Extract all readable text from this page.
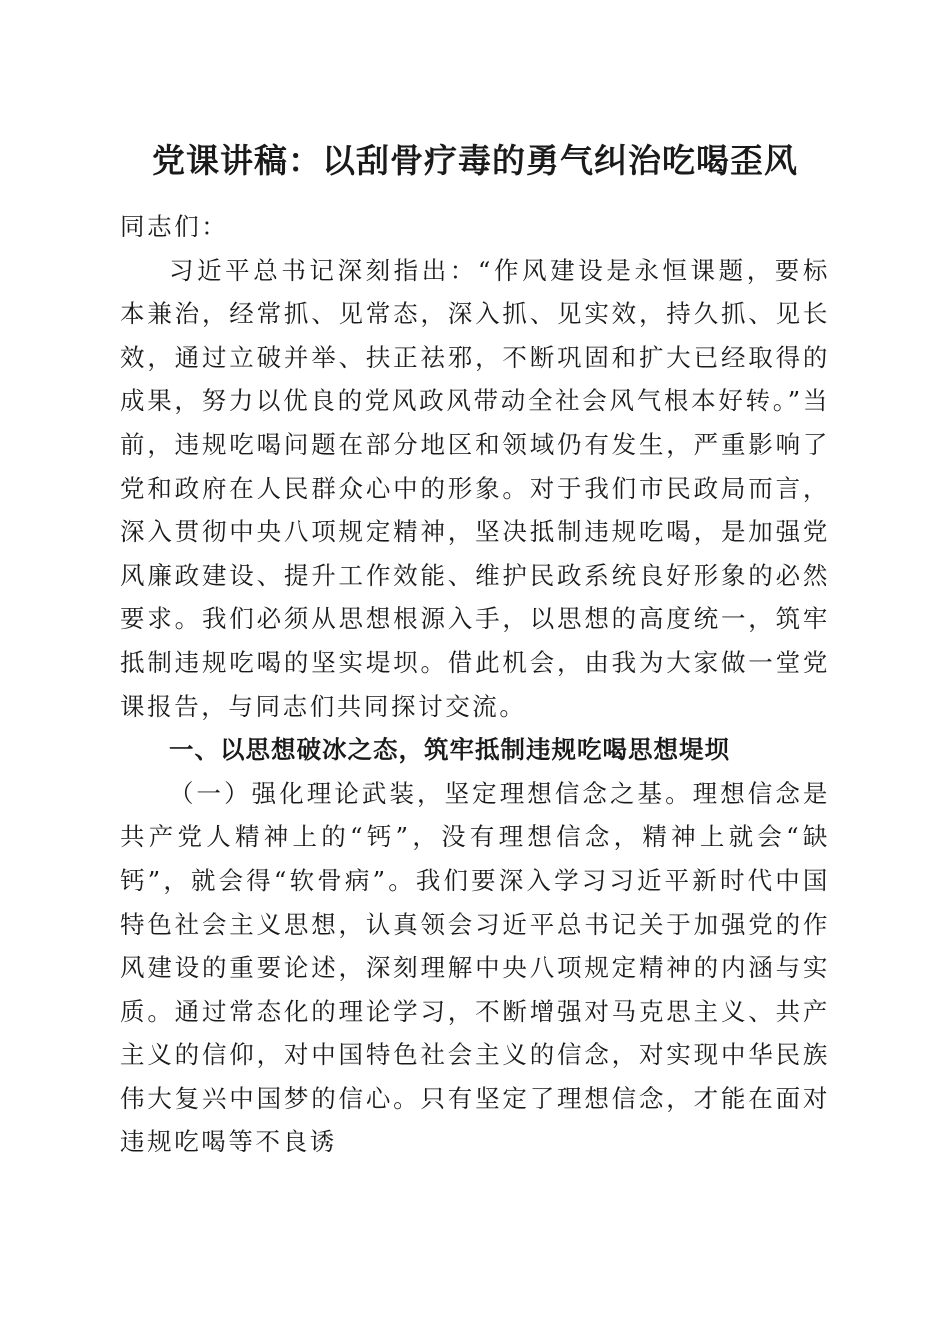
党课讲稿：以刮骨疗毒的勇气纠治吃喝歪风

同志们：

习近平总书记深刻指出：“作风建设是永恒课题，要标本兼治，经常抓、见常态，深入抓、见实效，持久抓、见长效，通过立破并举、扶正祛邪，不断巩固和扩大已经取得的成果，努力以优良的党风政风带动全社会风气根本好转。”当前，违规吃喝问题在部分地区和领域仍有发生，严重影响了党和政府在人民群众心中的形象。对于我们市民政局而言，深入贯彻中央八项规定精神，坚决抵制违规吃喝，是加强党风廉政建设、提升工作效能、维护民政系统良好形象的必然要求。我们必须从思想根源入手，以思想的高度统一，筑牢抵制违规吃喝的坚实堤坝。借此机会，由我为大家做一堂党课报告，与同志们共同探讨交流。

一、以思想破冰之态，筑牢抵制违规吃喝思想堤坝

（一）强化理论武装，坚定理想信念之基。理想信念是共产党人精神上的“钙”，没有理想信念，精神上就会“缺钙”，就会得“软骨病”。我们要深入学习习近平新时代中国特色社会主义思想，认真领会习近平总书记关于加强党的作风建设的重要论述，深刻理解中央八项规定精神的内涵与实质。通过常态化的理论学习，不断增强对马克思主义、共产主义的信仰，对中国特色社会主义的信念，对实现中华民族伟大复兴中国梦的信心。只有坚定了理想信念，才能在面对违规吃喝等不良诱
